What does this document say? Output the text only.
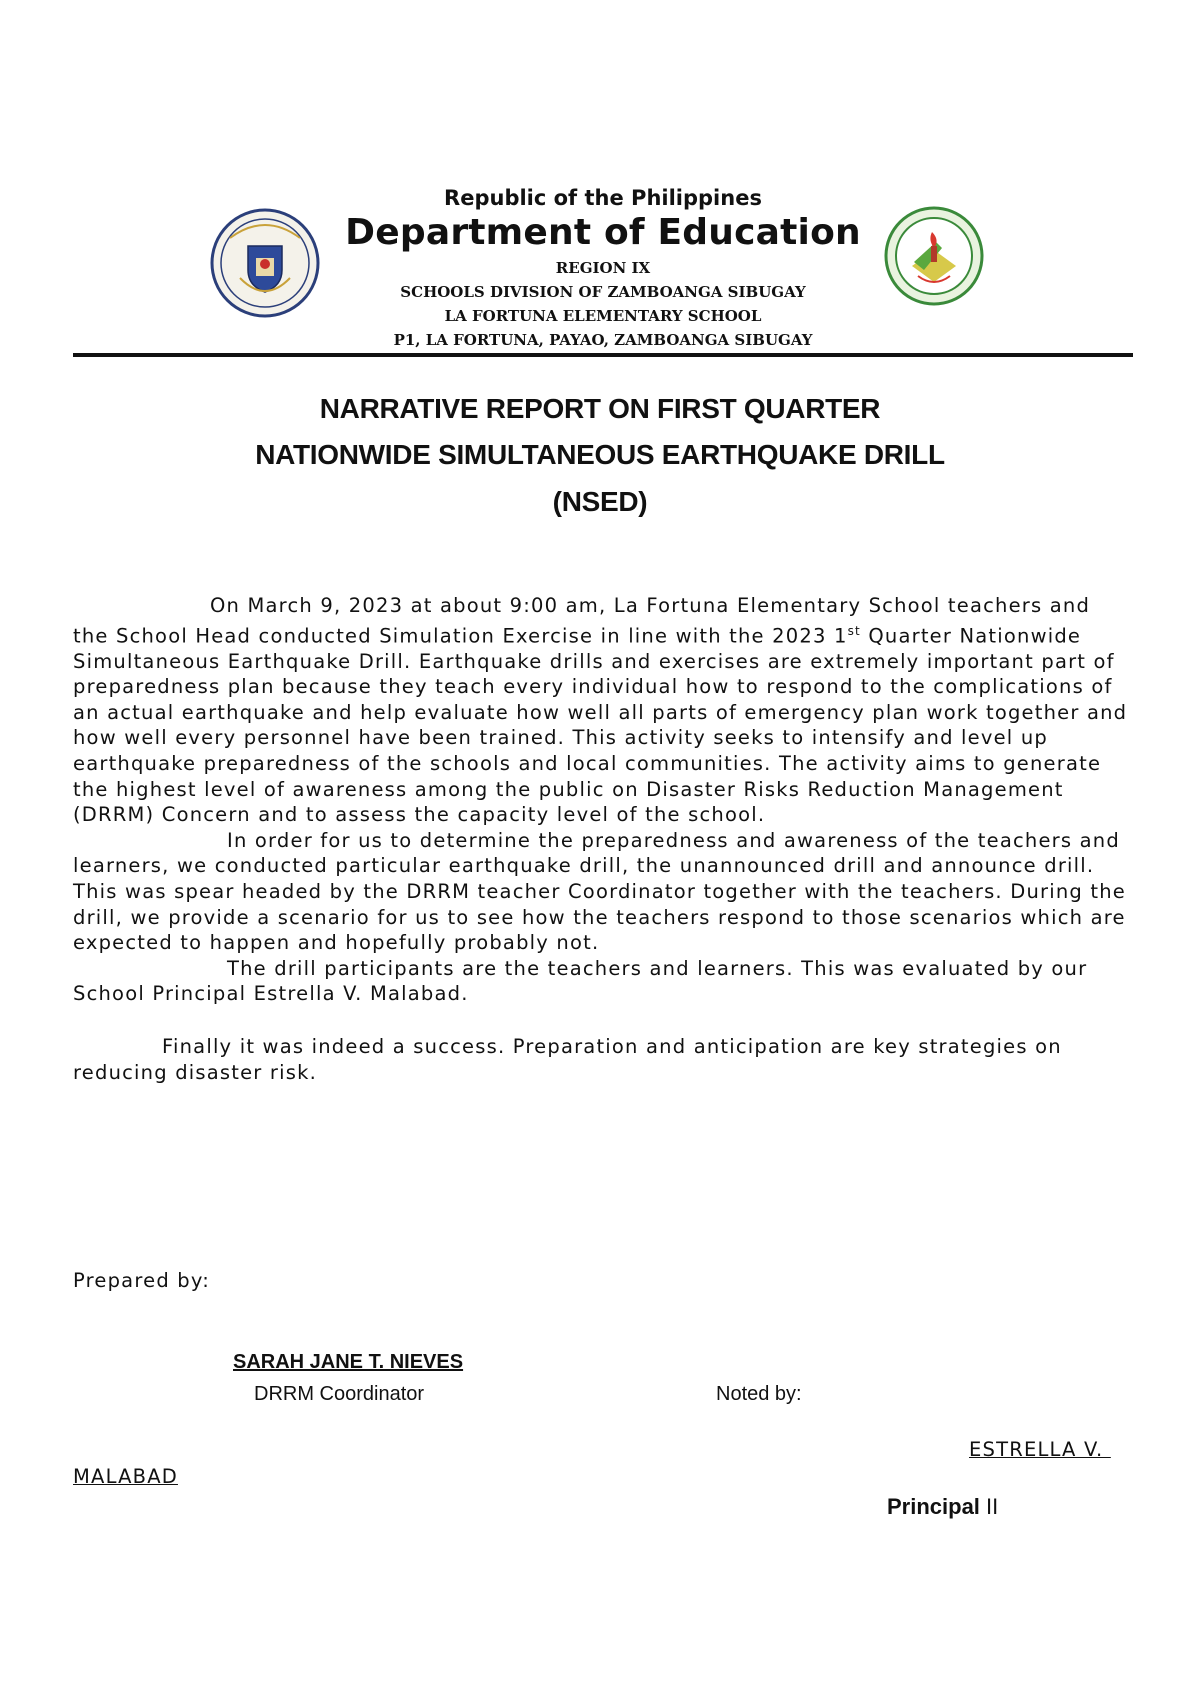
Republic of the Philippines
Department of Education
REGION IX
SCHOOLS DIVISION OF ZAMBOANGA SIBUGAY
LA FORTUNA ELEMENTARY SCHOOL
P1, LA FORTUNA, PAYAO, ZAMBOANGA SIBUGAY
NARRATIVE REPORT ON FIRST QUARTER
NATIONWIDE SIMULTANEOUS EARTHQUAKE DRILL
(NSED)

On March 9, 2023 at about 9:00 am, La Fortuna Elementary School teachers and the School Head conducted Simulation Exercise in line with the 2023 1st Quarter Nationwide Simultaneous Earthquake Drill. Earthquake drills and exercises are extremely important part of preparedness plan because they teach every individual how to respond to the complications of an actual earthquake and help evaluate how well all parts of emergency plan work together and how well every personnel have been trained. This activity seeks to intensify and level up earthquake preparedness of the schools and local communities. The activity aims to generate the highest level of awareness among the public on Disaster Risks Reduction Management (DRRM) Concern and to assess the capacity level of the school.

In order for us to determine the preparedness and awareness of the teachers and learners, we conducted particular earthquake drill, the unannounced drill and announce drill. This was spear headed by the DRRM teacher Coordinator together with the teachers. During the drill, we provide a scenario for us to see how the teachers respond to those scenarios which are expected to happen and hopefully probably not.

The drill participants are the teachers and learners. This was evaluated by our School Principal Estrella V. Malabad.

Finally it was indeed a success. Preparation and anticipation are key strategies on reducing disaster risk.

Prepared by:
SARAH JANE T. NIEVES
DRRM Coordinator	Noted by:
ESTRELLA V.
MALABAD
Principal II
